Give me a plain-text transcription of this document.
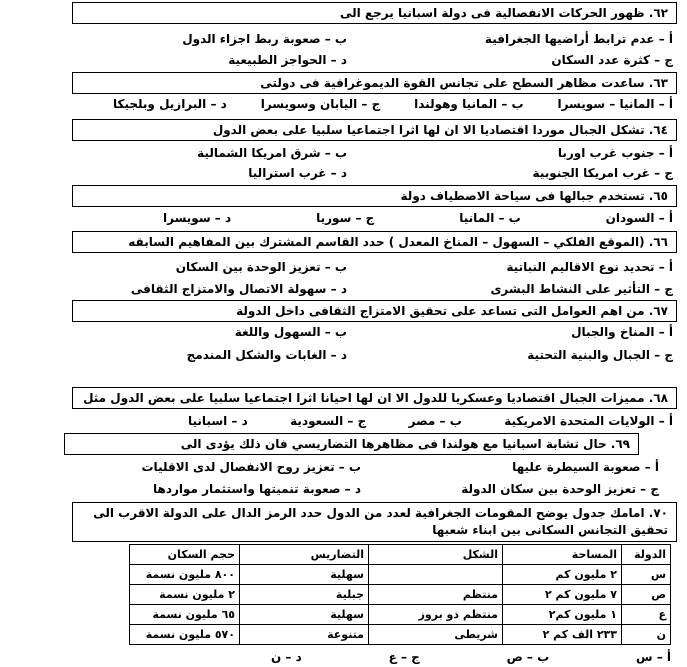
٦٢. ظهور الحركات الانفصالية فى دولة اسبانيا يرجع الى
أ – عدم ترابط أراضيها الجغرافية
ب – صعوبة ربط اجزاء الدول
ج – كثرة عدد السكان
د – الحواجز الطبيعية
٦٣. ساعدت مظاهر السطح على تجانس القوة الديموغرافية فى دولتى
أ – المانيا – سويسرا
ب – المانيا وهولندا
ج – اليابان وسويسرا
د – البرازيل وبلجيكا
٦٤. تشكل الجبال موردا اقتصاديا الا ان لها اثرا اجتماعيا سلبيا على بعض الدول
أ – جنوب غرب اوربا
ب – شرق امريكا الشمالية
ج – غرب امريكا الجنوبية
د – غرب استراليا
٦٥. تستخدم جبالها فى سياحة الاصطياف دولة
أ – السودان
ب – المانيا
ج – سوريا
د – سويسرا
٦٦. (الموقع الفلكي – السهول – المناخ المعدل ) حدد القاسم المشترك بين المفاهيم السابقه
أ – تحديد نوع الاقاليم النباتية
ب – تعزيز الوحدة بين السكان
ج – التأثير على النشاط البشرى
د – سهولة الاتصال والامتزاج الثقافى
٦٧. من اهم العوامل التى تساعد على تحقيق الامتزاج الثقافى داخل الدولة
أ – المناخ والجبال
ب – السهول واللغة
ج – الجبال والبنية التحتية
د – الغابات والشكل المندمج
٦٨. مميزات الجبال اقتصاديا وعسكريا للدول الا ان لها احيانا اثرا اجتماعيا سلبيا على بعض الدول مثل
أ – الولايات المتحدة الامريكية
ب – مصر
ج – السعودية
د – اسبانيا
٦٩. حال تشابة اسبانيا مع هولندا فى مظاهرها التضاريسي فان ذلك يؤدى الى
أ – صعوبة السيطرة عليها
ب – تعزيز روح الانفصال لدى الاقليات
ج – تعزيز الوحدة بين سكان الدولة
د – صعوبة تنميتها واستثمار مواردها
٧٠. امامك جدول يوضح المقومات الجغرافية لعدد من الدول حدد الرمز الدال على الدولة الاقرب الى تحقيق التجانس السكانى بين ابناء شعبها
الدولة	المساحة	الشكل	التضاريس	حجم السكان
س	٢ مليون كم		سهلية	٨٠٠ مليون نسمة
ص	٧ مليون كم ٢	منتظم	جبلية	٢ مليون نسمة
ع	١ مليون كم٢	منتظم ذو بروز	سهلية	٦٥ مليون نسمة
ن	٢٣٣ الف كم ٢	شريطى	متنوعة	٥٧٠ مليون نسمة
أ – س
ب – ص
ج – ع
د – ن
